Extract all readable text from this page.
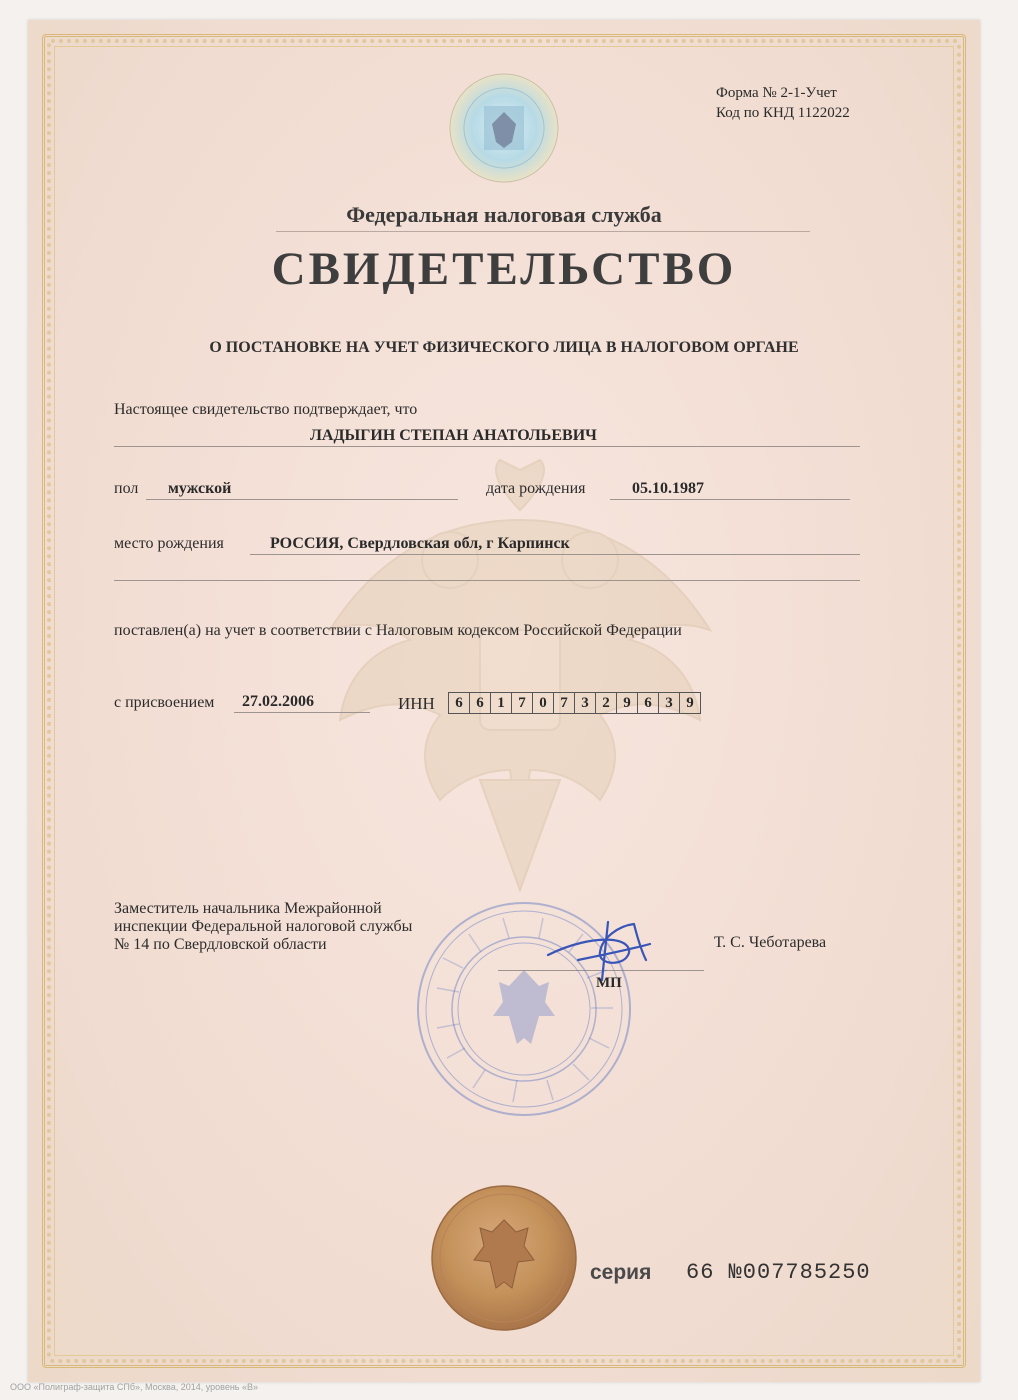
Форма № 2-1-Учет
Код по КНД 1122022
Федеральная налоговая служба
СВИДЕТЕЛЬСТВО
О ПОСТАНОВКЕ НА УЧЕТ ФИЗИЧЕСКОГО ЛИЦА В НАЛОГОВОМ ОРГАНЕ
Настоящее свидетельство подтверждает, что
ЛАДЫГИН СТЕПАН АНАТОЛЬЕВИЧ
пол мужской	дата рождения	05.10.1987
место рождения	РОССИЯ, Свердловская обл, г Карпинск
поставлен(а) на учет в соответствии с Налоговым кодексом Российской Федерации
с присвоением 27.02.2006	ИНН	6 6 1 7 0 7 3 2 9 6 3 9
Заместитель начальника Межрайонной
инспекции Федеральной налоговой службы
№ 14 по Свердловской области	Т. С. Чеботарева
МП
серия 66 №007785250
ООО «Полиграф-защита СПб», Москва, 2014, уровень «В»
